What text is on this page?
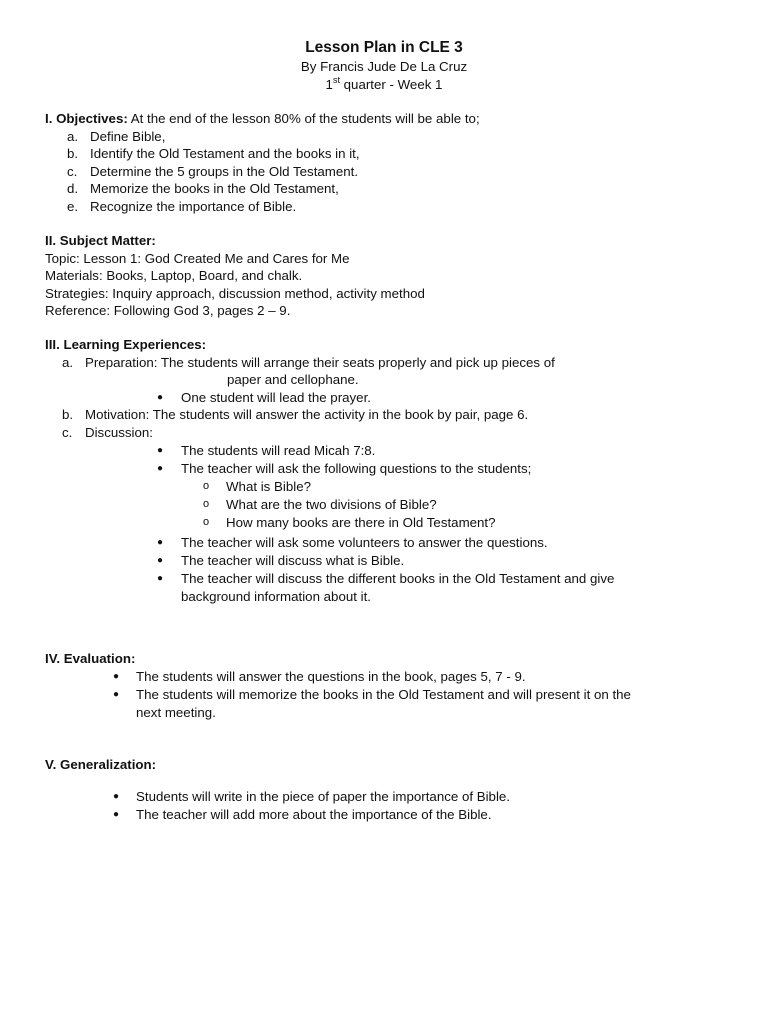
Lesson Plan in CLE 3
By Francis Jude De La Cruz
1st quarter - Week 1
I. Objectives: At the end of the lesson 80% of the students will be able to;
a. Define Bible,
b. Identify the Old Testament and the books in it,
c. Determine the 5 groups in the Old Testament.
d. Memorize the books in the Old Testament,
e. Recognize the importance of Bible.
II. Subject Matter:
Topic: Lesson 1: God Created Me and Cares for Me
Materials: Books, Laptop, Board, and chalk.
Strategies: Inquiry approach, discussion method, activity method
Reference: Following God 3, pages 2 – 9.
III. Learning Experiences:
a. Preparation: The students will arrange their seats properly and pick up pieces of
paper and cellophane.
● One student will lead the prayer.
b. Motivation: The students will answer the activity in the book by pair, page 6.
c. Discussion:
● The students will read Micah 7:8.
● The teacher will ask the following questions to the students;
o What is Bible?
o What are the two divisions of Bible?
o How many books are there in Old Testament?
● The teacher will ask some volunteers to answer the questions.
● The teacher will discuss what is Bible.
● The teacher will discuss the different books in the Old Testament and give
background information about it.
IV. Evaluation:
● The students will answer the questions in the book, pages 5, 7 - 9.
● The students will memorize the books in the Old Testament and will present it on the
next meeting.
V. Generalization:
● Students will write in the piece of paper the importance of Bible.
● The teacher will add more about the importance of the Bible.
